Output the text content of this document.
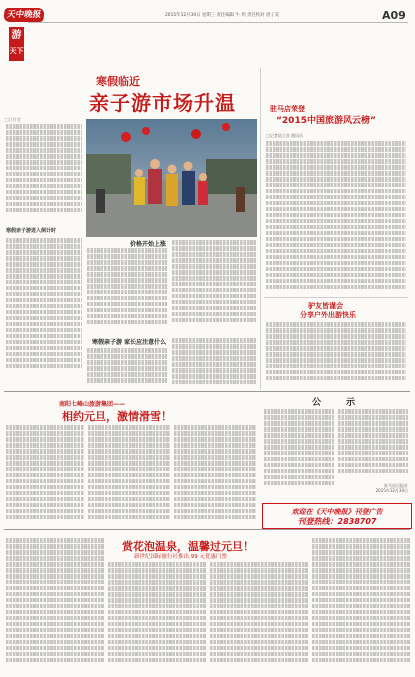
天中晚报	2015年12月30日 星期三 责任编辑 牛 玥 责任校对 唐子美	A09
游
天下
寒假临近
亲子游市场升温
□江竹君
寒假亲子游进入倒计时
价格开始上涨
寒假亲子游 家长应注意什么
驻马店荣登
“2015中国旅游风云榜”
□记者陆立彦 通讯员
驴友皆谨会
分享户外出游快乐
南阳七峰山旅游集团——
相约元旦，激情滑雪！
公	示
驻马店日报社
2015年12月30日
欢迎在《天中晚报》刊登广告
刊登热线：2838707
赏花泡温泉，温馨过元旦！
新世纪国际旅行社推出 99 元优惠门票
